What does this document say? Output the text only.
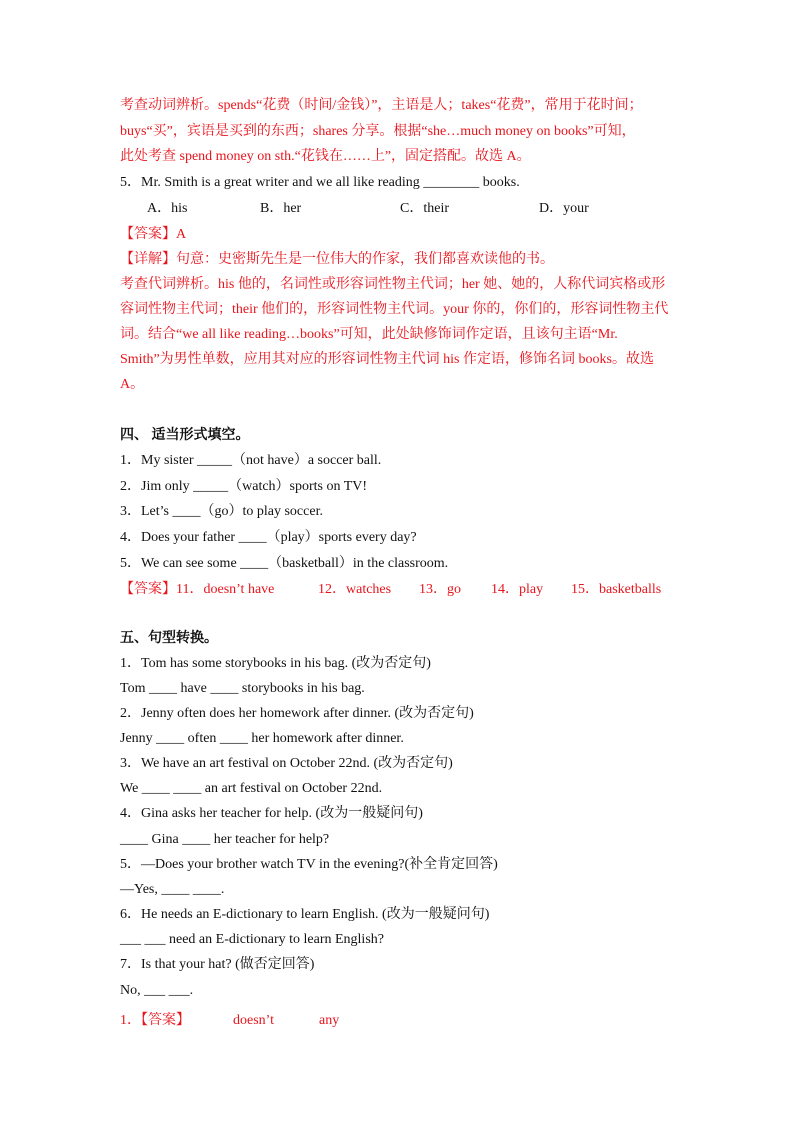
考查动词辨析。spends“花费（时间/金钱）”，主语是人；takes“花费”，常用于花时间；
buys“买”，宾语是买到的东西；shares 分享。根据“she…much money on books”可知，
此处考查 spend money on sth.“花钱在……上”，固定搭配。故选 A。
5．Mr. Smith is a great writer and we all like reading ________ books.
A．his	B．her	C．their	D．your
【答案】A
【详解】句意：史密斯先生是一位伟大的作家，我们都喜欢读他的书。
考查代词辨析。his 他的，名词性或形容词性物主代词；her 她、她的，人称代词宾格或形
容词性物主代词；their 他们的，形容词性物主代词。your 你的，你们的，形容词性物主代
词。结合“we all like reading…books”可知，此处缺修饰词作定语，且该句主语“Mr.
Smith”为男性单数，应用其对应的形容词性物主代词 his 作定语，修饰名词 books。故选
A。
四、 适当形式填空。
1．My sister _____（not have）a soccer ball.
2．Jim only _____（watch）sports on TV!
3．Let’s ____（go）to play soccer.
4．Does your father ____（play）sports every day?
5．We can see some ____（basketball）in the classroom.
【答案】11．doesn’t have	12．watches 13．go 14．play 15．basketballs
五、句型转换。
1．Tom has some storybooks in his bag. (改为否定句)
Tom ____ have ____ storybooks in his bag.
2．Jenny often does her homework after dinner. (改为否定句)
Jenny ____ often ____ her homework after dinner.
3．We have an art festival on October 22nd. (改为否定句)
We ____ ____ an art festival on October 22nd.
4．Gina asks her teacher for help. (改为一般疑问句)
____ Gina ____ her teacher for help?
5．—Does your brother watch TV in the evening?(补全肯定回答)
—Yes, ____ ____.
6．He needs an E-dictionary to learn English. (改为一般疑问句)
___ ___ need an E-dictionary to learn English?
7．Is that your hat? (做否定回答)
No, ___ ___.
1．【答案】	doesn’t	any
